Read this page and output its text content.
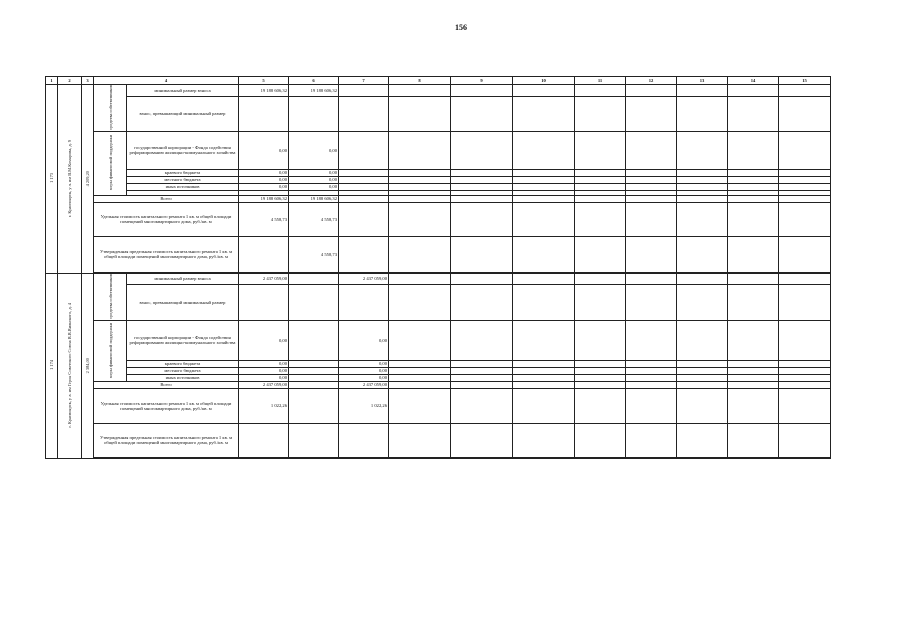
156
1	2	3	4		5	6	7	8	9	10	11	12	13	14	15
1 173	г. Красноярск, у л. им В.М.Комарова, д. 9	4 209,20	средства собственников	минимальный размер взноса	19 188 606,32	19 188 606,32									
				взнос, превышающий минимальный размер											
			меры финансовой поддержки	государственной корпорации - Фонда содействия реформированию жилищно-коммунального хозяйства	0,00	0,00									
				краевого бюджета	0,00	0,00									
				местного бюджета	0,00	0,00									
				иных источников	0,00	0,00									

			Всего		19 188 606,32	19 188 606,32									
			Удельная стоимость капитального ремонта 1 кв. м общей площади помещений многоквартирного дома, руб./кв. м		4 558,73	4 558,73									
			Утвержденная предельная стоимость капитального ремонта 1 кв. м общей площади помещений многоквартирного дома, руб./кв. м			4 558,73									

1 174	г. Красноярск, у л. им Героя Советского Союза В.В.Вильского, д. 4	2 384,00	средства собственников	минимальный размер взноса	2 437 059,00		2 437 059,00								
				взнос, превышающий минимальный размер											
			меры финансовой поддержки	государственной корпорации - Фонда содействия реформированию жилищно-коммунального хозяйства	0,00		0,00								
				краевого бюджета	0,00		0,00								
				местного бюджета	0,00		0,00								
				иных источников	0,00		0,00								
			Всего		2 437 059,00		2 437 059,00								
			Удельная стоимость капитального ремонта 1 кв. м общей площади помещений многоквартирного дома, руб./кв. м		1 022,26		1 022,26								
			Утвержденная предельная стоимость капитального ремонта 1 кв. м общей площади помещений многоквартирного дома, руб./кв. м												
